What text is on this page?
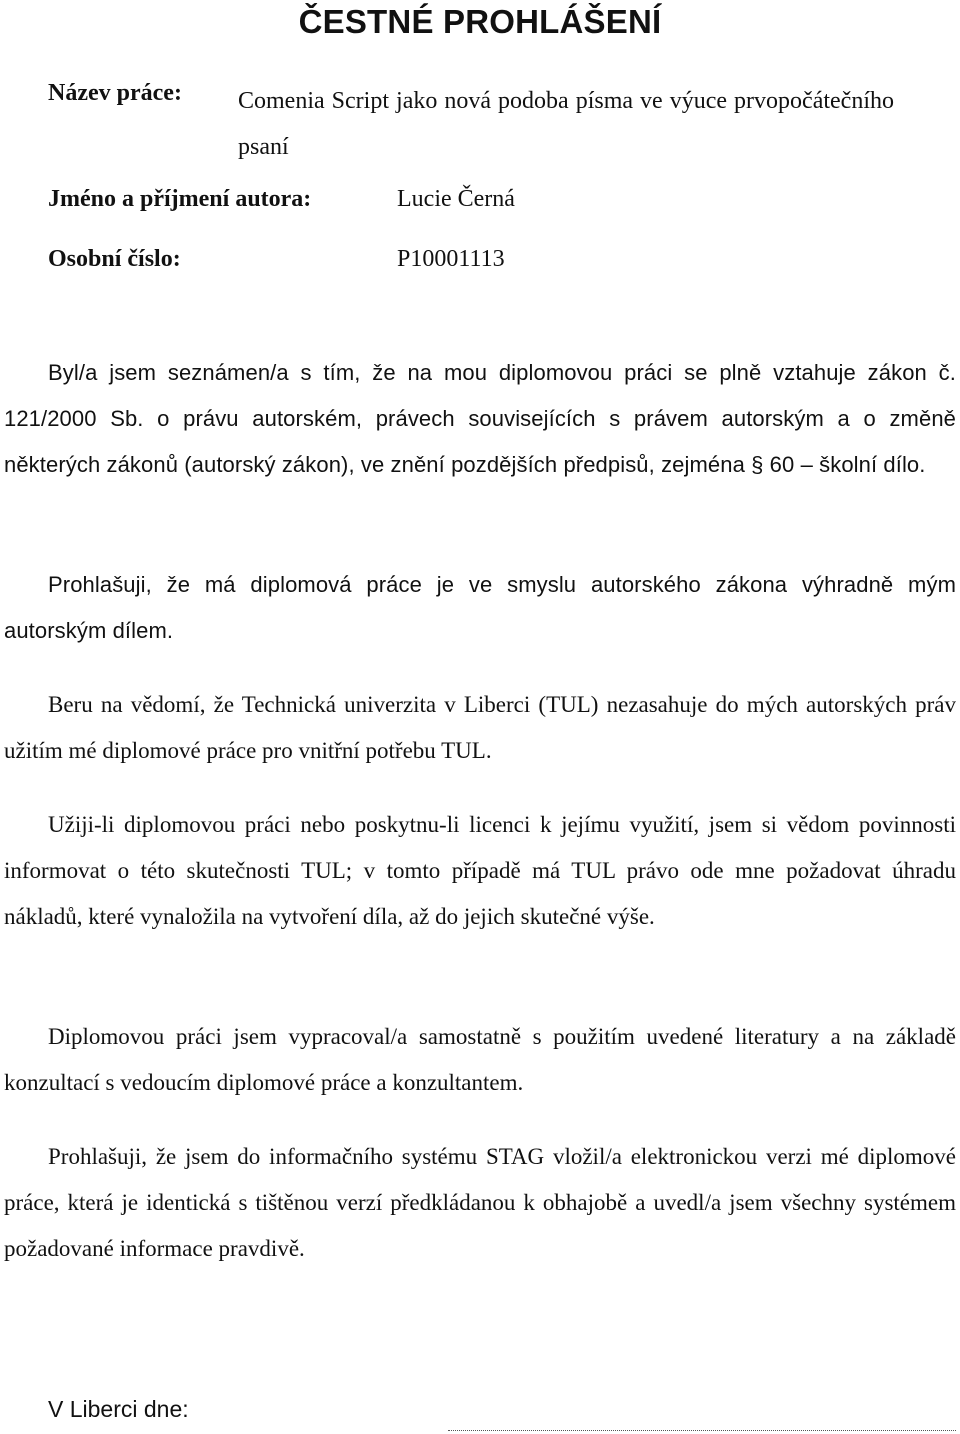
ČESTNÉ PROHLÁŠENÍ
Název práce: Comenia Script jako nová podoba písma ve výuce prvopočátečního psaní
Jméno a příjmení autora:	Lucie Černá
Osobní číslo:	P10001113
Byl/a jsem seznámen/a s tím, že na mou diplomovou práci se plně vztahuje zákon č. 121/2000 Sb. o právu autorském, právech souvisejících s právem autorským a o změně některých zákonů (autorský zákon), ve znění pozdějších předpisů, zejména § 60 – školní dílo.
Prohlašuji, že má diplomová práce je ve smyslu autorského zákona výhradně mým autorským dílem.
Beru na vědomí, že Technická univerzita v Liberci (TUL) nezasahuje do mých autorských práv užitím mé diplomové práce pro vnitřní potřebu TUL.
Užiji-li diplomovou práci nebo poskytnu-li licenci k jejímu využití, jsem si vědom povinnosti informovat o této skutečnosti TUL; v tomto případě má TUL právo ode mne požadovat úhradu nákladů, které vynaložila na vytvoření díla, až do jejich skutečné výše.
Diplomovou práci jsem vypracoval/a samostatně s použitím uvedené literatury a na základě konzultací s vedoucím diplomové práce a konzultantem.
Prohlašuji, že jsem do informačního systému STAG vložil/a elektronickou verzi mé diplomové práce, která je identická s tištěnou verzí předkládanou k obhajobě a uvedl/a jsem všechny systémem požadované informace pravdivě.
V Liberci dne:
